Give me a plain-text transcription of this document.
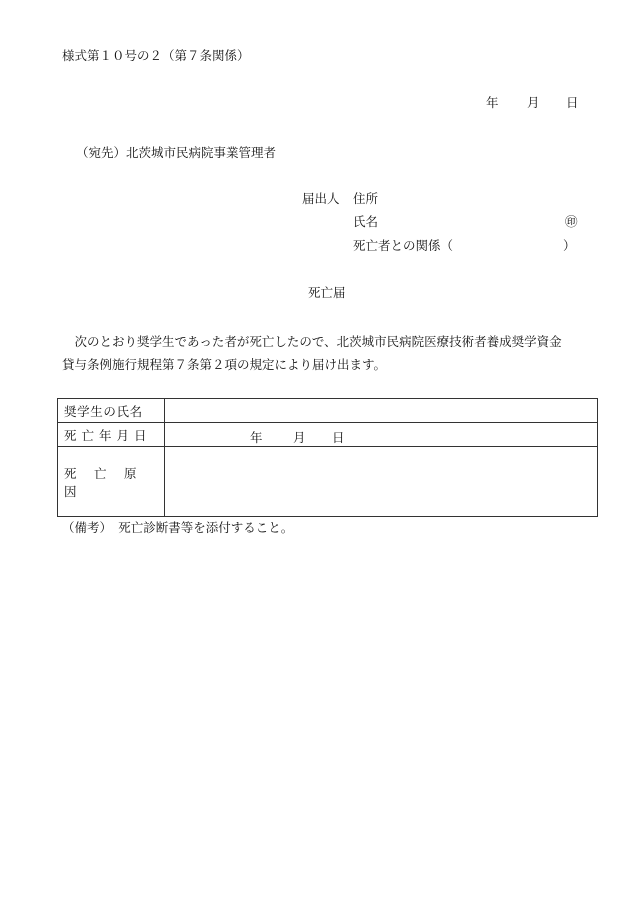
様式第１０号の２（第７条関係）
年 月 日
（宛先）北茨城市民病院事業管理者
届出人 住所
氏名	㊞
死亡者との関係（	）
死亡届

次のとおり奨学生であった者が死亡したので、北茨城市民病院医療技術者養成奨学資金

貸与条例施行規程第７条第２項の規定により届け出ます。

奨学生の氏名	
死亡年月日	年 月 日

死亡原因	
（備考）　死亡診断書等を添付すること。
